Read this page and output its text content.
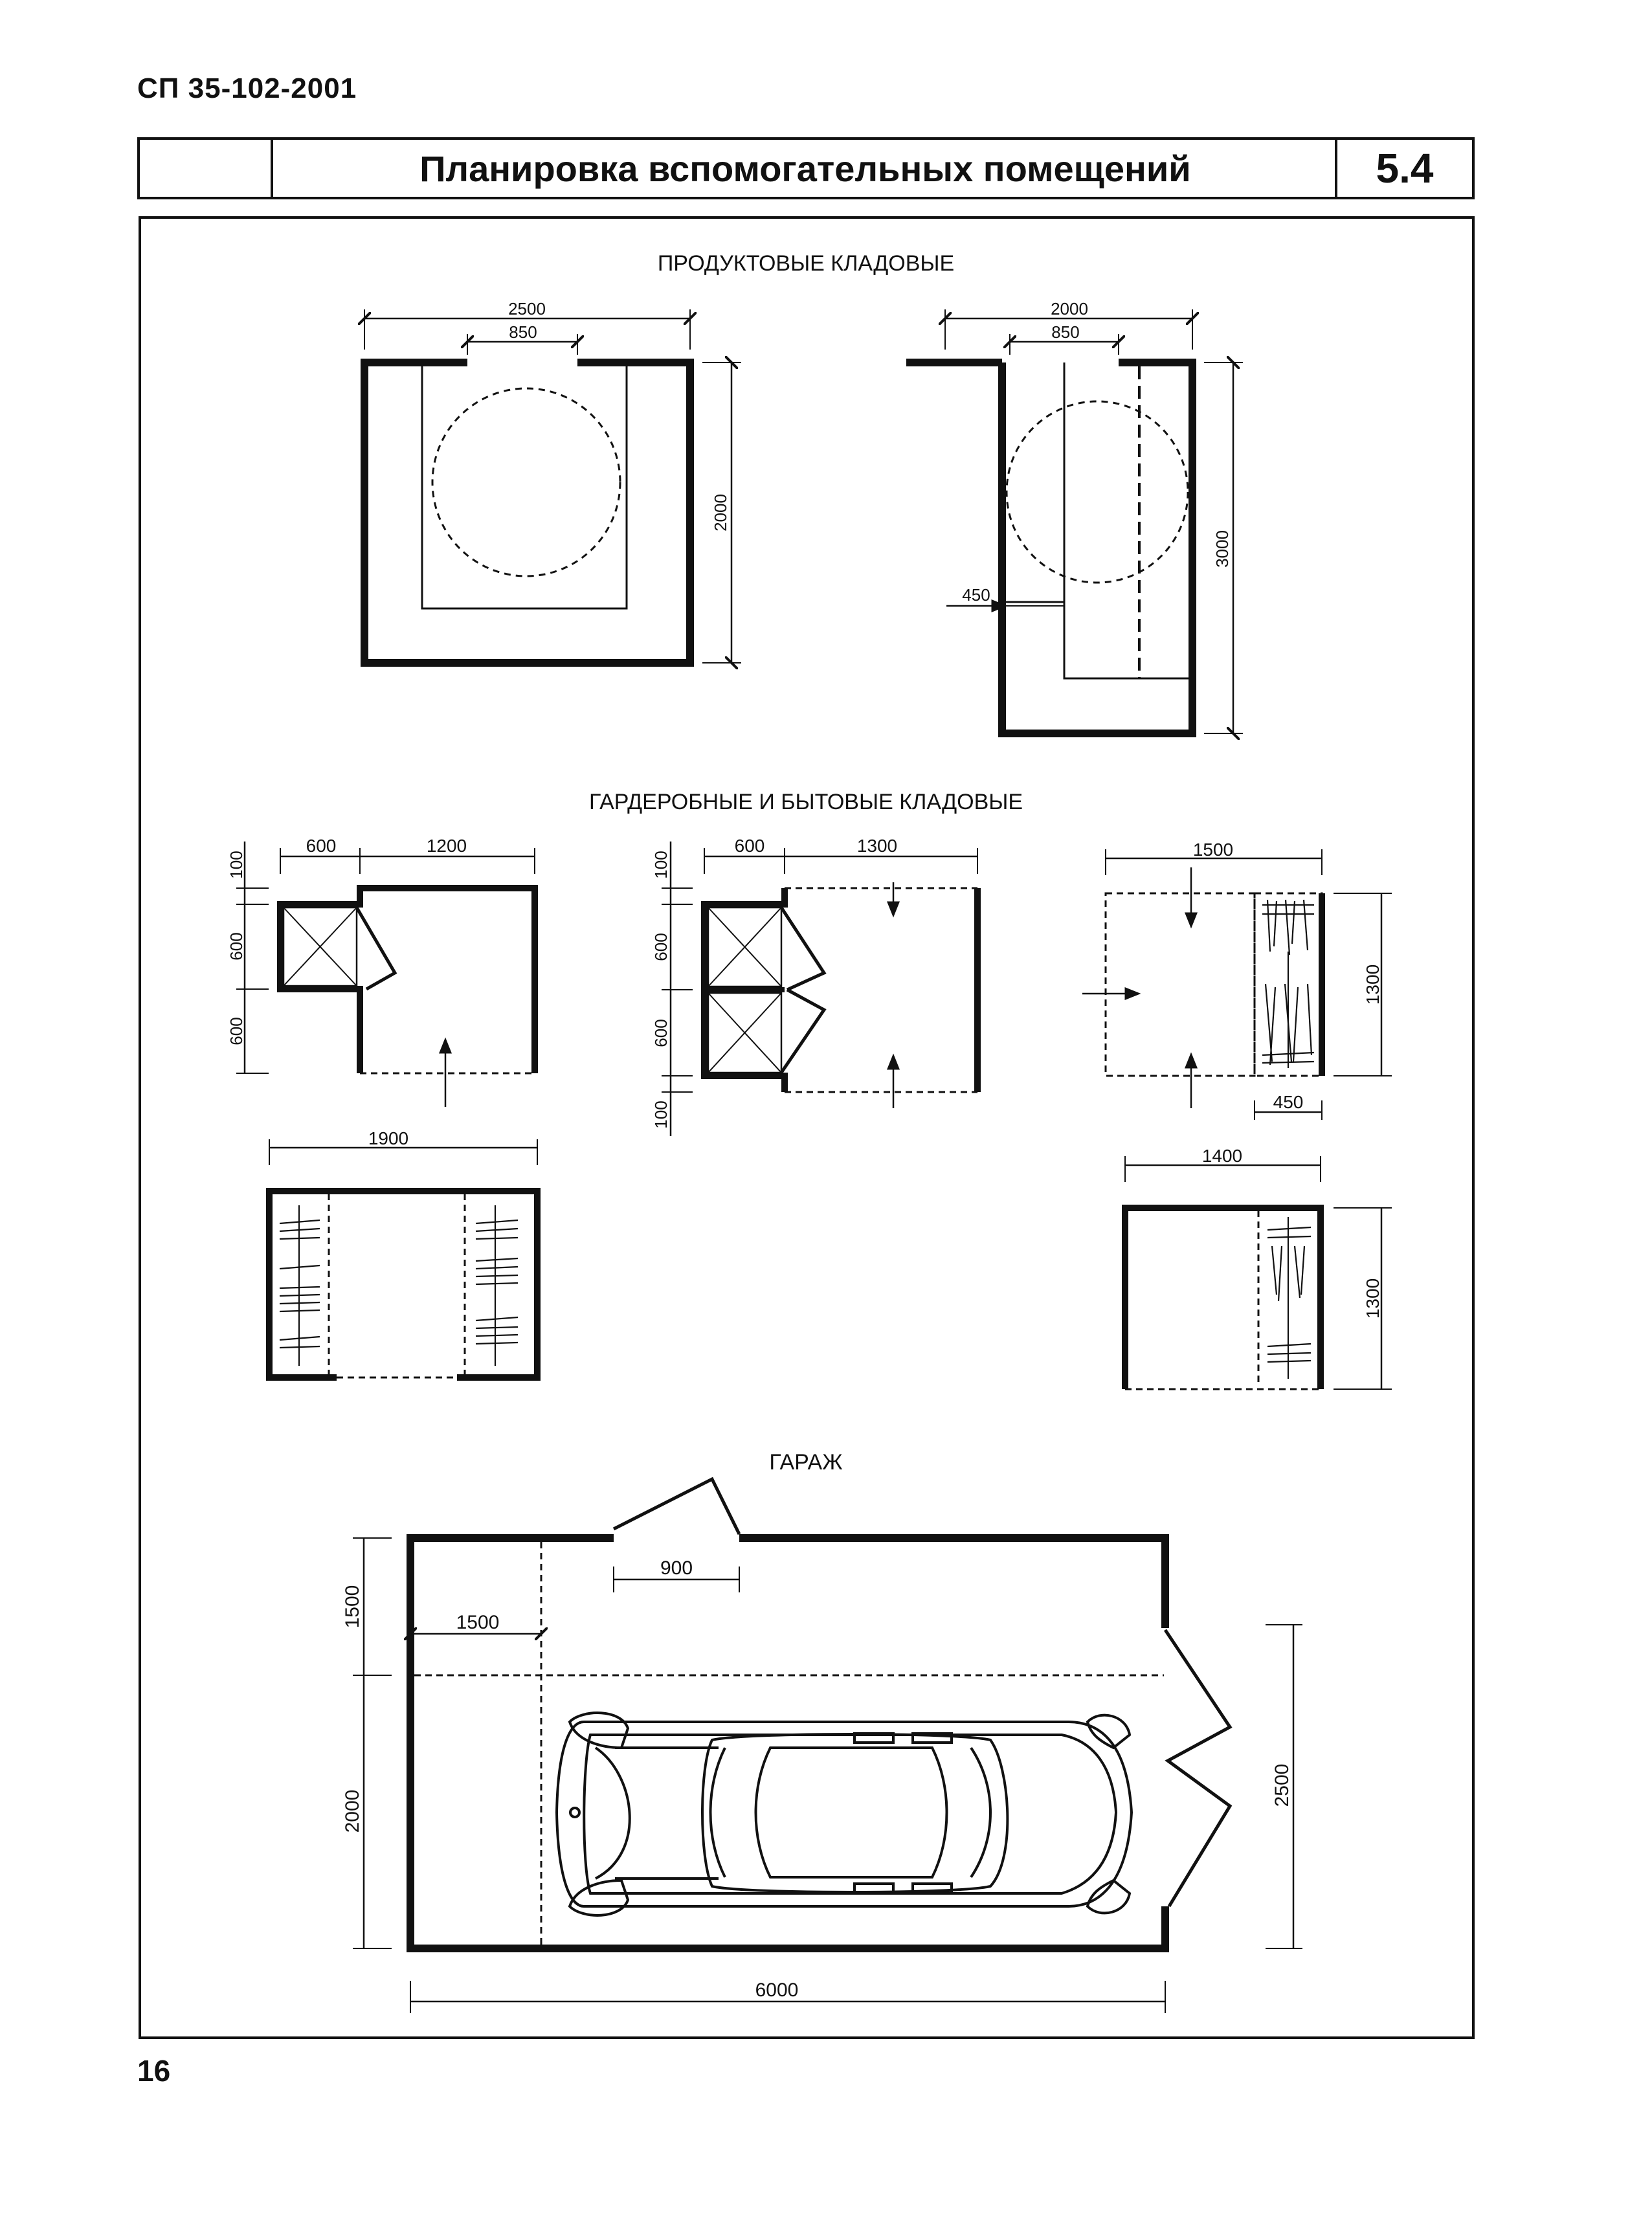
СП 35-102-2001
Планировка вспомогательных помещений	5.4
ПРОДУКТОВЫЕ КЛАДОВЫЕ
2500
850
2000
2000
850
3000
450
ГАРДЕРОБНЫЕ И БЫТОВЫЕ КЛАДОВЫЕ
600	1200
100
600
600
600	1300
100
600
600
100
1500
1300
450
1900
1400
1300
ГАРАЖ
900
1500
1500
2000
2500
6000
16
